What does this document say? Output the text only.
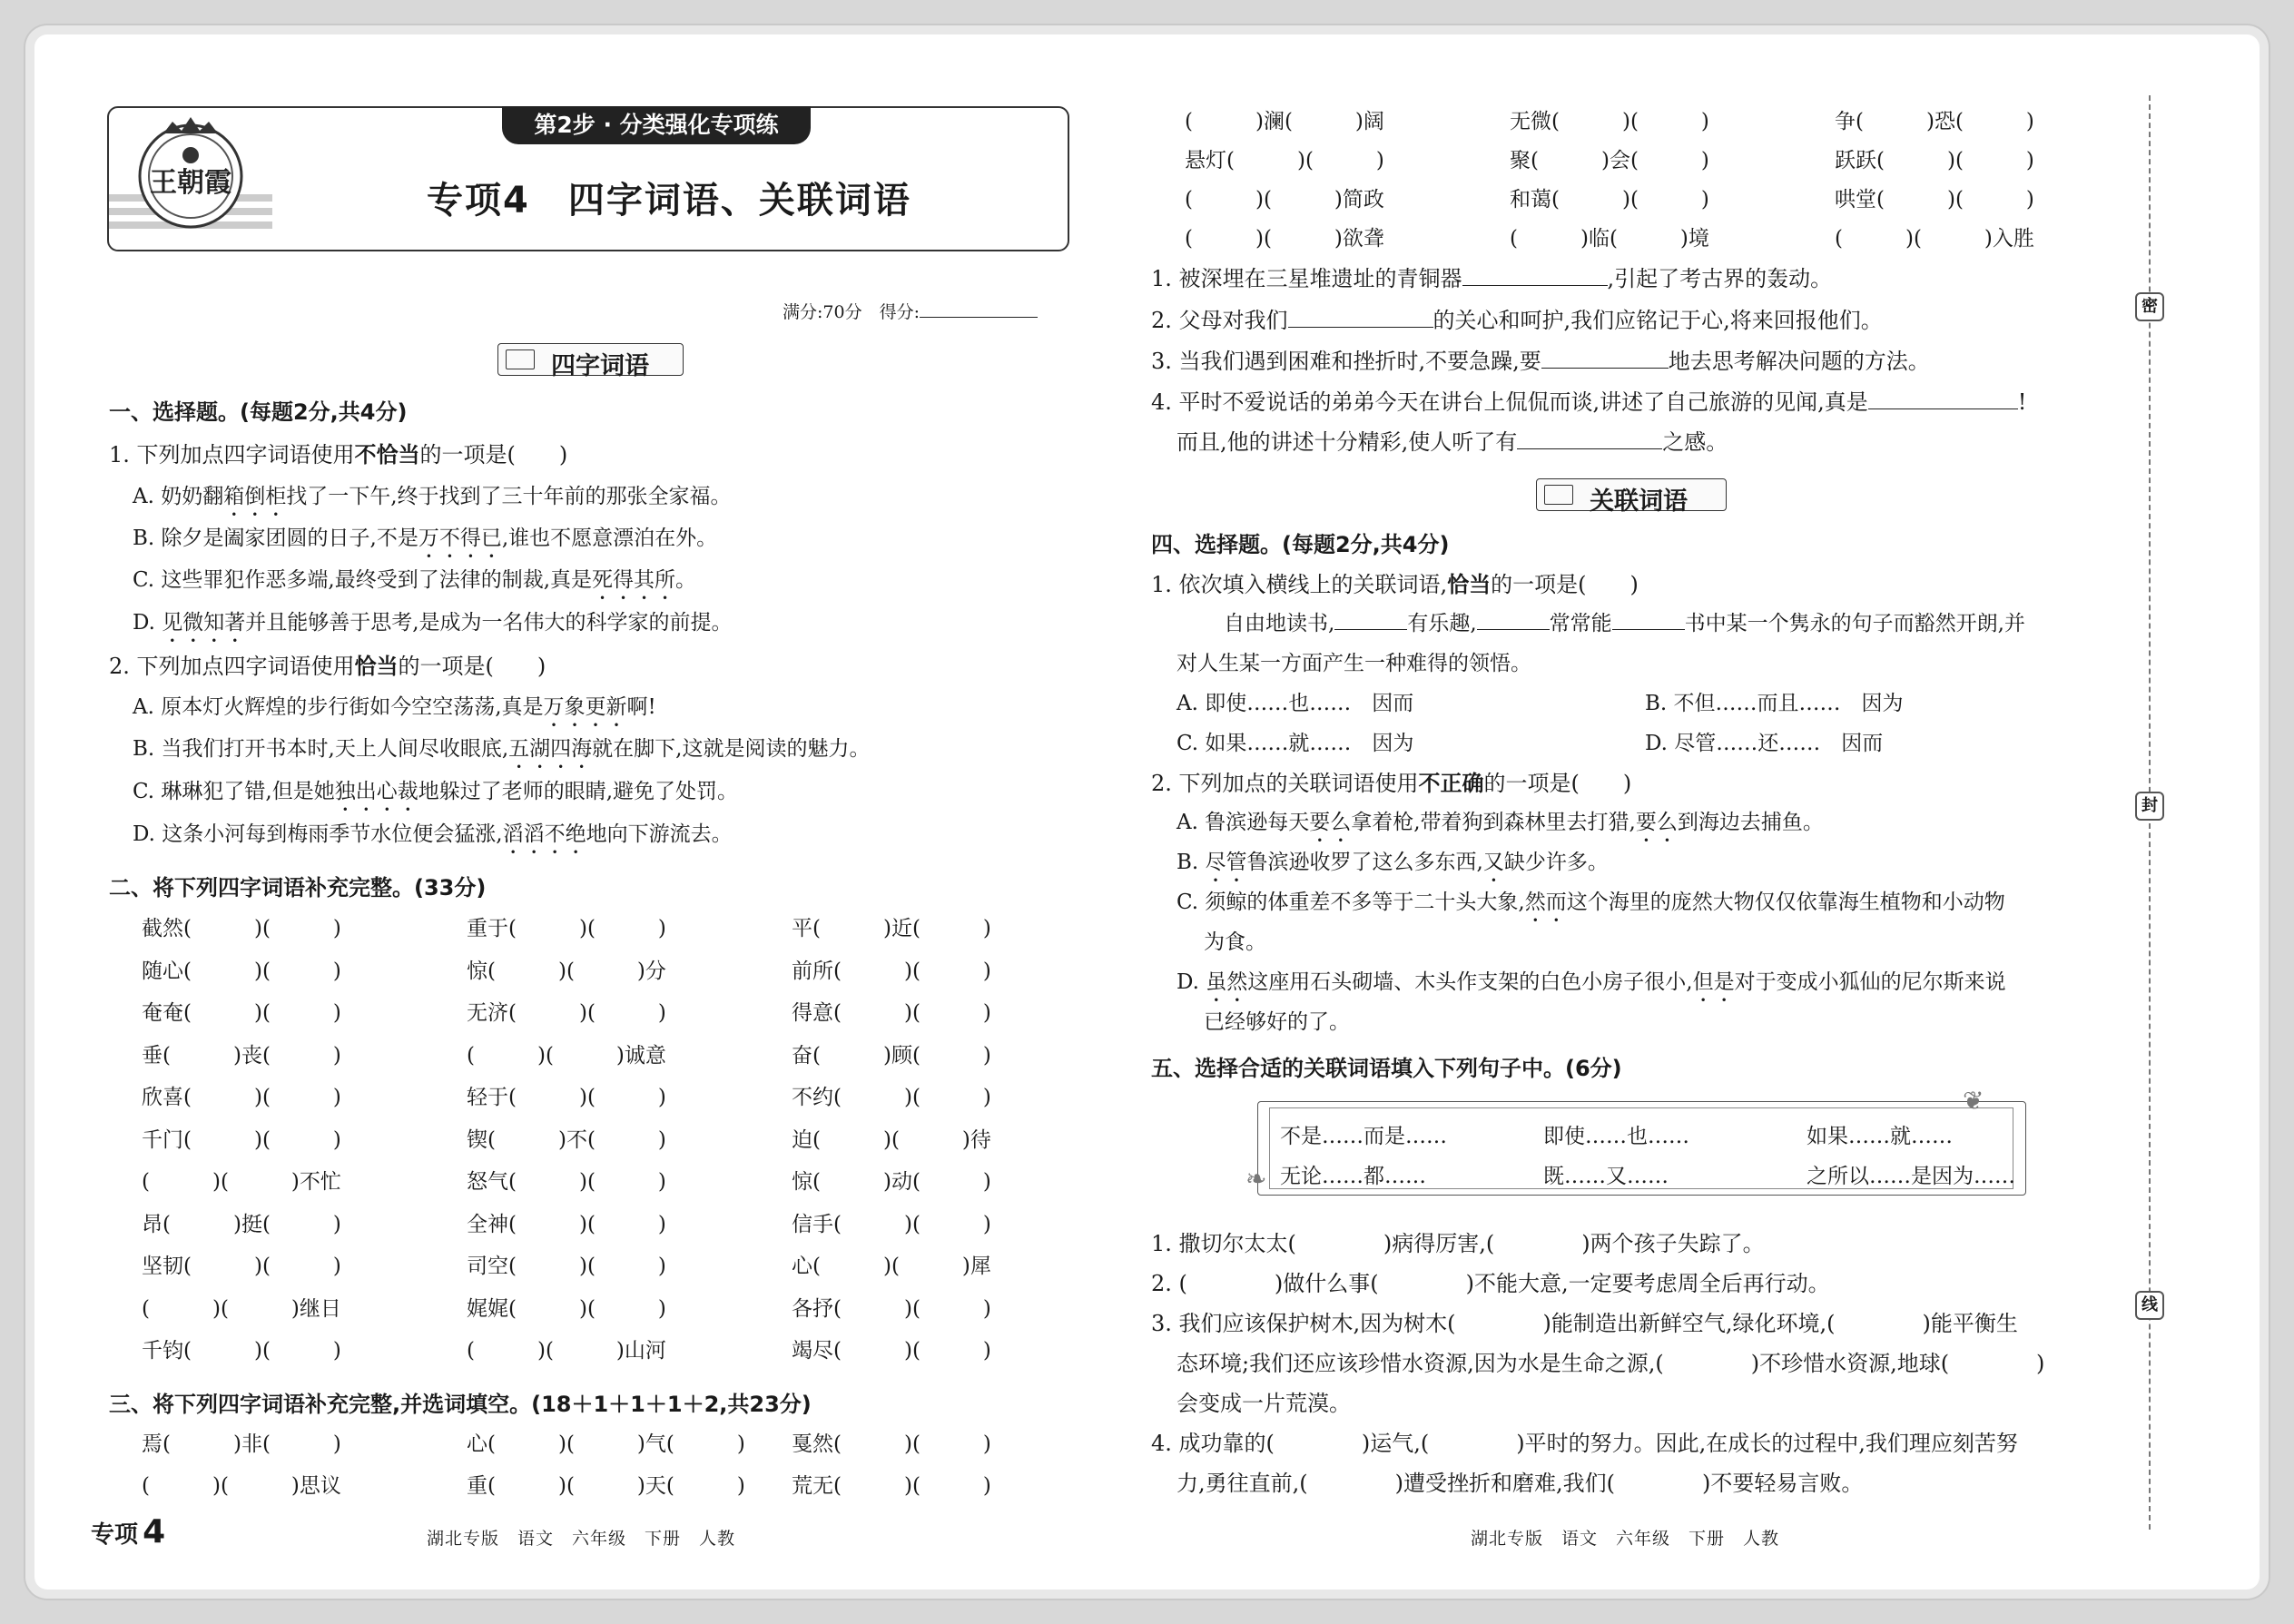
王朝霞
第2步 · 分类强化专项练
专项4　四字词语、关联词语
满分:70分　得分:
四字词语
一、选择题。(每题2分,共4分)
1. 下列加点四字词语使用不恰当的一项是(　　)
A. 奶奶翻箱倒柜找了一下午,终于找到了三十年前的那张全家福。
B. 除夕是阖家团圆的日子,不是万不得已,谁也不愿意漂泊在外。
C. 这些罪犯作恶多端,最终受到了法律的制裁,真是死得其所。
D. 见微知著并且能够善于思考,是成为一名伟大的科学家的前提。
2. 下列加点四字词语使用恰当的一项是(　　)
A. 原本灯火辉煌的步行街如今空空荡荡,真是万象更新啊!
B. 当我们打开书本时,天上人间尽收眼底,五湖四海就在脚下,这就是阅读的魅力。
C. 琳琳犯了错,但是她独出心裁地躲过了老师的眼睛,避免了处罚。
D. 这条小河每到梅雨季节水位便会猛涨,滔滔不绝地向下游流去。
二、将下列四字词语补充完整。(33分)
截然(　　　)(　　　)	重于(　　　)(　　　)	平(　　　)近(　　　)
随心(　　　)(　　　)	惊(　　　)(　　　)分	前所(　　　)(　　　)
奄奄(　　　)(　　　)	无济(　　　)(　　　)	得意(　　　)(　　　)
垂(　　　)丧(　　　)	(　　　)(　　　)诚意	奋(　　　)顾(　　　)
欣喜(　　　)(　　　)	轻于(　　　)(　　　)	不约(　　　)(　　　)
千门(　　　)(　　　)	锲(　　　)不(　　　)	迫(　　　)(　　　)待
(　　　)(　　　)不忙	怒气(　　　)(　　　)	惊(　　　)动(　　　)
昂(　　　)挺(　　　)	全神(　　　)(　　　)	信手(　　　)(　　　)
坚韧(　　　)(　　　)	司空(　　　)(　　　)	心(　　　)(　　　)犀
(　　　)(　　　)继日	娓娓(　　　)(　　　)	各抒(　　　)(　　　)
千钧(　　　)(　　　)	(　　　)(　　　)山河	竭尽(　　　)(　　　)
三、将下列四字词语补充完整,并选词填空。(18＋1＋1＋1＋2,共23分)
焉(　　　)非(　　　)	心(　　　)(　　　)气(　　　) 戛然(　　　)(　　　)
(　　　)(　　　)思议	重(　　　)(　　　)天(　　　) 荒无(　　　)(　　　)
(　　　)澜(　　　)阔	无微(　　　)(　　　)	争(　　　)恐(　　　)
悬灯(　　　)(　　　)	聚(　　　)会(　　　)	跃跃(　　　)(　　　)
(　　　)(　　　)简政	和蔼(　　　)(　　　)	哄堂(　　　)(　　　)
(　　　)(　　　)欲聋	(　　　)临(　　　)境	(　　　)(　　　)入胜
1. 被深埋在三星堆遗址的青铜器	,引起了考古界的轰动。
2. 父母对我们	的关心和呵护,我们应铭记于心,将来回报他们。
3. 当我们遇到困难和挫折时,不要急躁,要	地去思考解决问题的方法。
4. 平时不爱说话的弟弟今天在讲台上侃侃而谈,讲述了自己旅游的见闻,真是	!
而且,他的讲述十分精彩,使人听了有	之感。
关联词语
四、选择题。(每题2分,共4分)
1. 依次填入横线上的关联词语,恰当的一项是(　　)
自由地读书,	有乐趣,	常常能	书中某一个隽永的句子而豁然开朗,并
对人生某一方面产生一种难得的领悟。
A. 即使……也……　因而	B. 不但……而且……　因为
C. 如果……就……　因为	D. 尽管……还……　因而
2. 下列加点的关联词语使用不正确的一项是(　　)
A. 鲁滨逊每天要么拿着枪,带着狗到森林里去打猎,要么到海边去捕鱼。
B. 尽管鲁滨逊收罗了这么多东西,又缺少许多。
C. 须鲸的体重差不多等于二十头大象,然而这个海里的庞然大物仅仅依靠海生植物和小动物
为食。
D. 虽然这座用石头砌墙、木头作支架的白色小房子很小,但是对于变成小狐仙的尼尔斯来说
已经够好的了。
五、选择合适的关联词语填入下列句子中。(6分)
❦
❧
不是……而是……	即使……也……	如果……就……
无论……都……	既……又……	之所以……是因为……
1. 撒切尔太太(　　　　)病得厉害,(　　　　)两个孩子失踪了。
2. (　　　　)做什么事(　　　　)不能大意,一定要考虑周全后再行动。
3. 我们应该保护树木,因为树木(　　　　)能制造出新鲜空气,绿化环境,(　　　　)能平衡生
态环境;我们还应该珍惜水资源,因为水是生命之源,(　　　　)不珍惜水资源,地球(　　　　)
会变成一片荒漠。
4. 成功靠的(　　　　)运气,(　　　　)平时的努力。因此,在成长的过程中,我们理应刻苦努
力,勇往直前,(　　　　)遭受挫折和磨难,我们(　　　　)不要轻易言败。
密
封
线
专项 4	湖北专版　语文　六年级　下册　人教	湖北专版　语文　六年级　下册　人教
